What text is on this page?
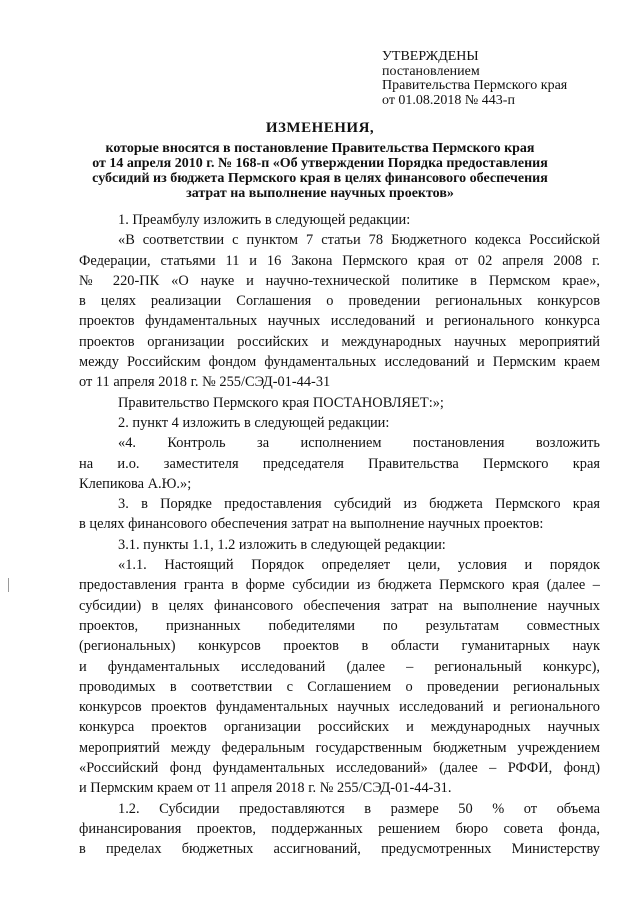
УТВЕРЖДЕНЫ
постановлением
Правительства Пермского края
от 01.08.2018 № 443-п
ИЗМЕНЕНИЯ,
которые вносятся в постановление Правительства Пермского края
от 14 апреля 2010 г. № 168-п «Об утверждении Порядка предоставления
субсидий из бюджета Пермского края в целях финансового обеспечения
затрат на выполнение научных проектов»
1. Преамбулу изложить в следующей редакции:
«В соответствии с пунктом 7 статьи 78 Бюджетного кодекса Российской
Федерации, статьями 11 и 16 Закона Пермского края от 02 апреля 2008 г.
№ 220-ПК «О науке и научно-технической политике в Пермском крае»,
в целях реализации Соглашения о проведении региональных конкурсов
проектов фундаментальных научных исследований и регионального конкурса
проектов организации российских и международных научных мероприятий
между Российским фондом фундаментальных исследований и Пермским краем
от 11 апреля 2018 г. № 255/СЭД-01-44-31
Правительство Пермского края ПОСТАНОВЛЯЕТ:»;
2. пункт 4 изложить в следующей редакции:
«4. Контроль за исполнением постановления возложить
на и.о. заместителя председателя Правительства Пермского края
Клепикова А.Ю.»;
3. в Порядке предоставления субсидий из бюджета Пермского края
в целях финансового обеспечения затрат на выполнение научных проектов:
3.1. пункты 1.1, 1.2 изложить в следующей редакции:
«1.1. Настоящий Порядок определяет цели, условия и порядок
предоставления гранта в форме субсидии из бюджета Пермского края (далее –
субсидии) в целях финансового обеспечения затрат на выполнение научных
проектов, признанных победителями по результатам совместных
(региональных) конкурсов проектов в области гуманитарных наук
и фундаментальных исследований (далее – региональный конкурс),
проводимых в соответствии с Соглашением о проведении региональных
конкурсов проектов фундаментальных научных исследований и регионального
конкурса проектов организации российских и международных научных
мероприятий между федеральным государственным бюджетным учреждением
«Российский фонд фундаментальных исследований» (далее – РФФИ, фонд)
и Пермским краем от 11 апреля 2018 г. № 255/СЭД-01-44-31.
1.2. Субсидии предоставляются в размере 50 % от объема
финансирования проектов, поддержанных решением бюро совета фонда,
в пределах бюджетных ассигнований, предусмотренных Министерству
